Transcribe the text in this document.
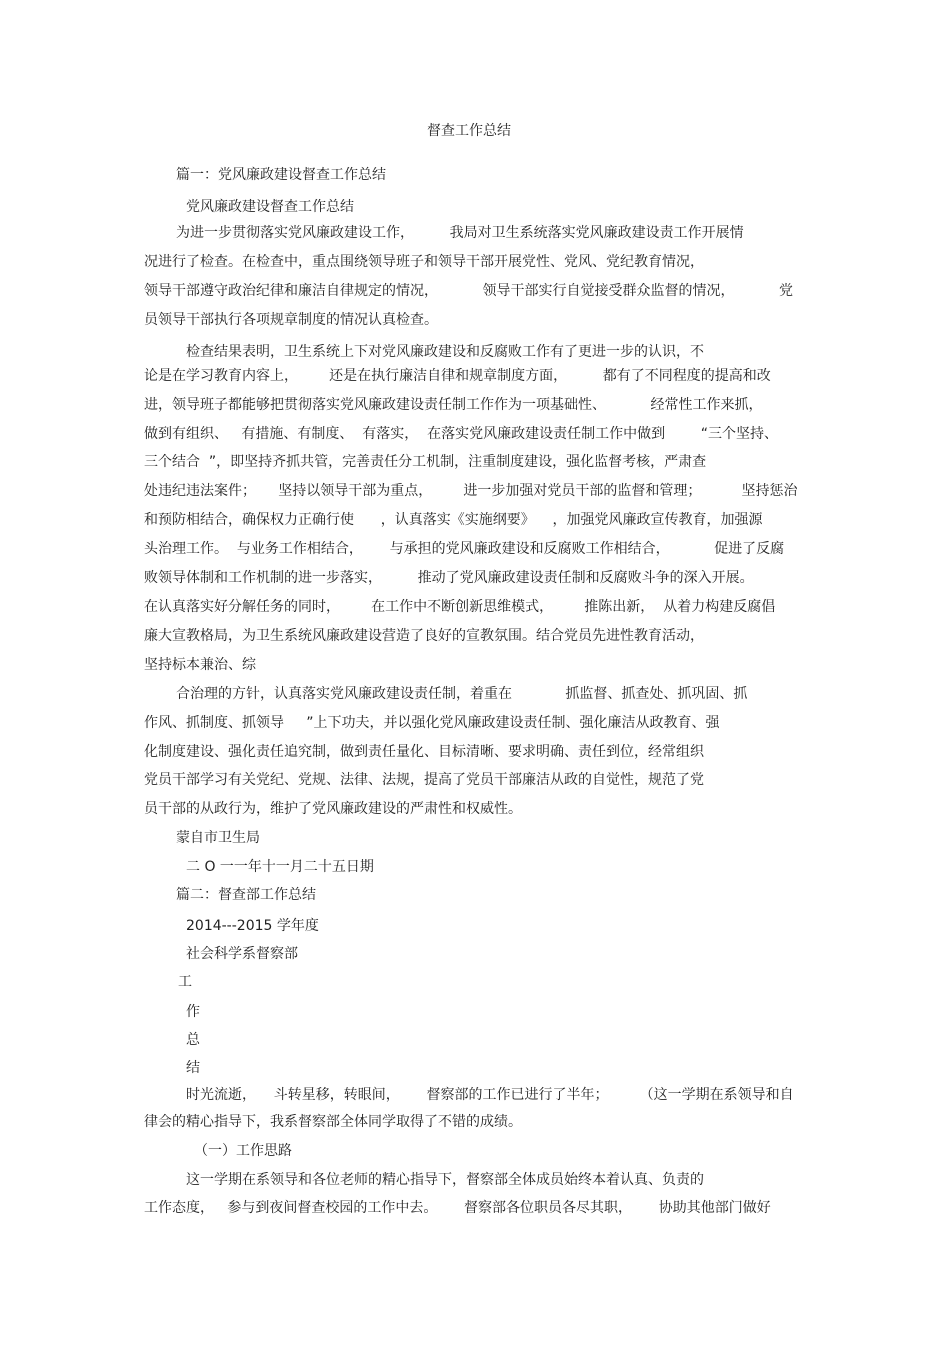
督查工作总结
篇一：党风廉政建设督查工作总结
党风廉政建设督查工作总结
为进一步贯彻落实党风廉政建设工作，        我局对卫生系统落实党风廉政建设责工作开展情
况进行了检查。在检查中，重点围绕领导班子和领导干部开展党性、党风、党纪教育情况，
领导干部遵守政治纪律和廉洁自律规定的情况，          领导干部实行自觉接受群众监督的情况，          党
员领导干部执行各项规章制度的情况认真检查。
检查结果表明，卫生系统上下对党风廉政建设和反腐败工作有了更进一步的认识，不
论是在学习教育内容上，       还是在执行廉洁自律和规章制度方面，        都有了不同程度的提高和改
进，领导班子都能够把贯彻落实党风廉政建设责任制工作作为一项基础性、          经常性工作来抓，
做到有组织、   有措施、有制度、  有落实，  在落实党风廉政建设责任制工作中做到        “三个坚持、
三个结合  ”，即坚持齐抓共管，完善责任分工机制，注重制度建设，强化监督考核，严肃查
处违纪违法案件；     坚持以领导干部为重点，       进一步加强对党员干部的监督和管理；         坚持惩治
和预防相结合，确保权力正确行使      ，认真落实《实施纲要》    ，加强党风廉政宣传教育，加强源
头治理工作。  与业务工作相结合，      与承担的党风廉政建设和反腐败工作相结合，          促进了反腐
败领导体制和工作机制的进一步落实，        推动了党风廉政建设责任制和反腐败斗争的深入开展。
在认真落实好分解任务的同时，       在工作中不断创新思维模式，       推陈出新，  从着力构建反腐倡
廉大宣教格局，为卫生系统风廉政建设营造了良好的宣教氛围。结合党员先进性教育活动，
坚持标本兼治、综
合治理的方针，认真落实党风廉政建设责任制，着重在            抓监督、抓查处、抓巩固、抓
作风、抓制度、抓领导     ”上下功夫，并以强化党风廉政建设责任制、强化廉洁从政教育、强
化制度建设、强化责任追究制，做到责任量化、目标清晰、要求明确、责任到位，经常组织
党员干部学习有关党纪、党规、法律、法规，提高了党员干部廉洁从政的自觉性，规范了党
员干部的从政行为，维护了党风廉政建设的严肃性和权威性。
蒙自市卫生局
二 O 一一年十一月二十五日期
篇二：督查部工作总结
2014---2015 学年度
社会科学系督察部
工
作
总
结
时光流逝，    斗转星移，转眼间，      督察部的工作已进行了半年；       （这一学期在系领导和自
律会的精心指导下，我系督察部全体同学取得了不错的成绩。
（一）工作思路
这一学期在系领导和各位老师的精心指导下，督察部全体成员始终本着认真、负责的
工作态度，   参与到夜间督查校园的工作中去。      督察部各位职员各尽其职，      协助其他部门做好
